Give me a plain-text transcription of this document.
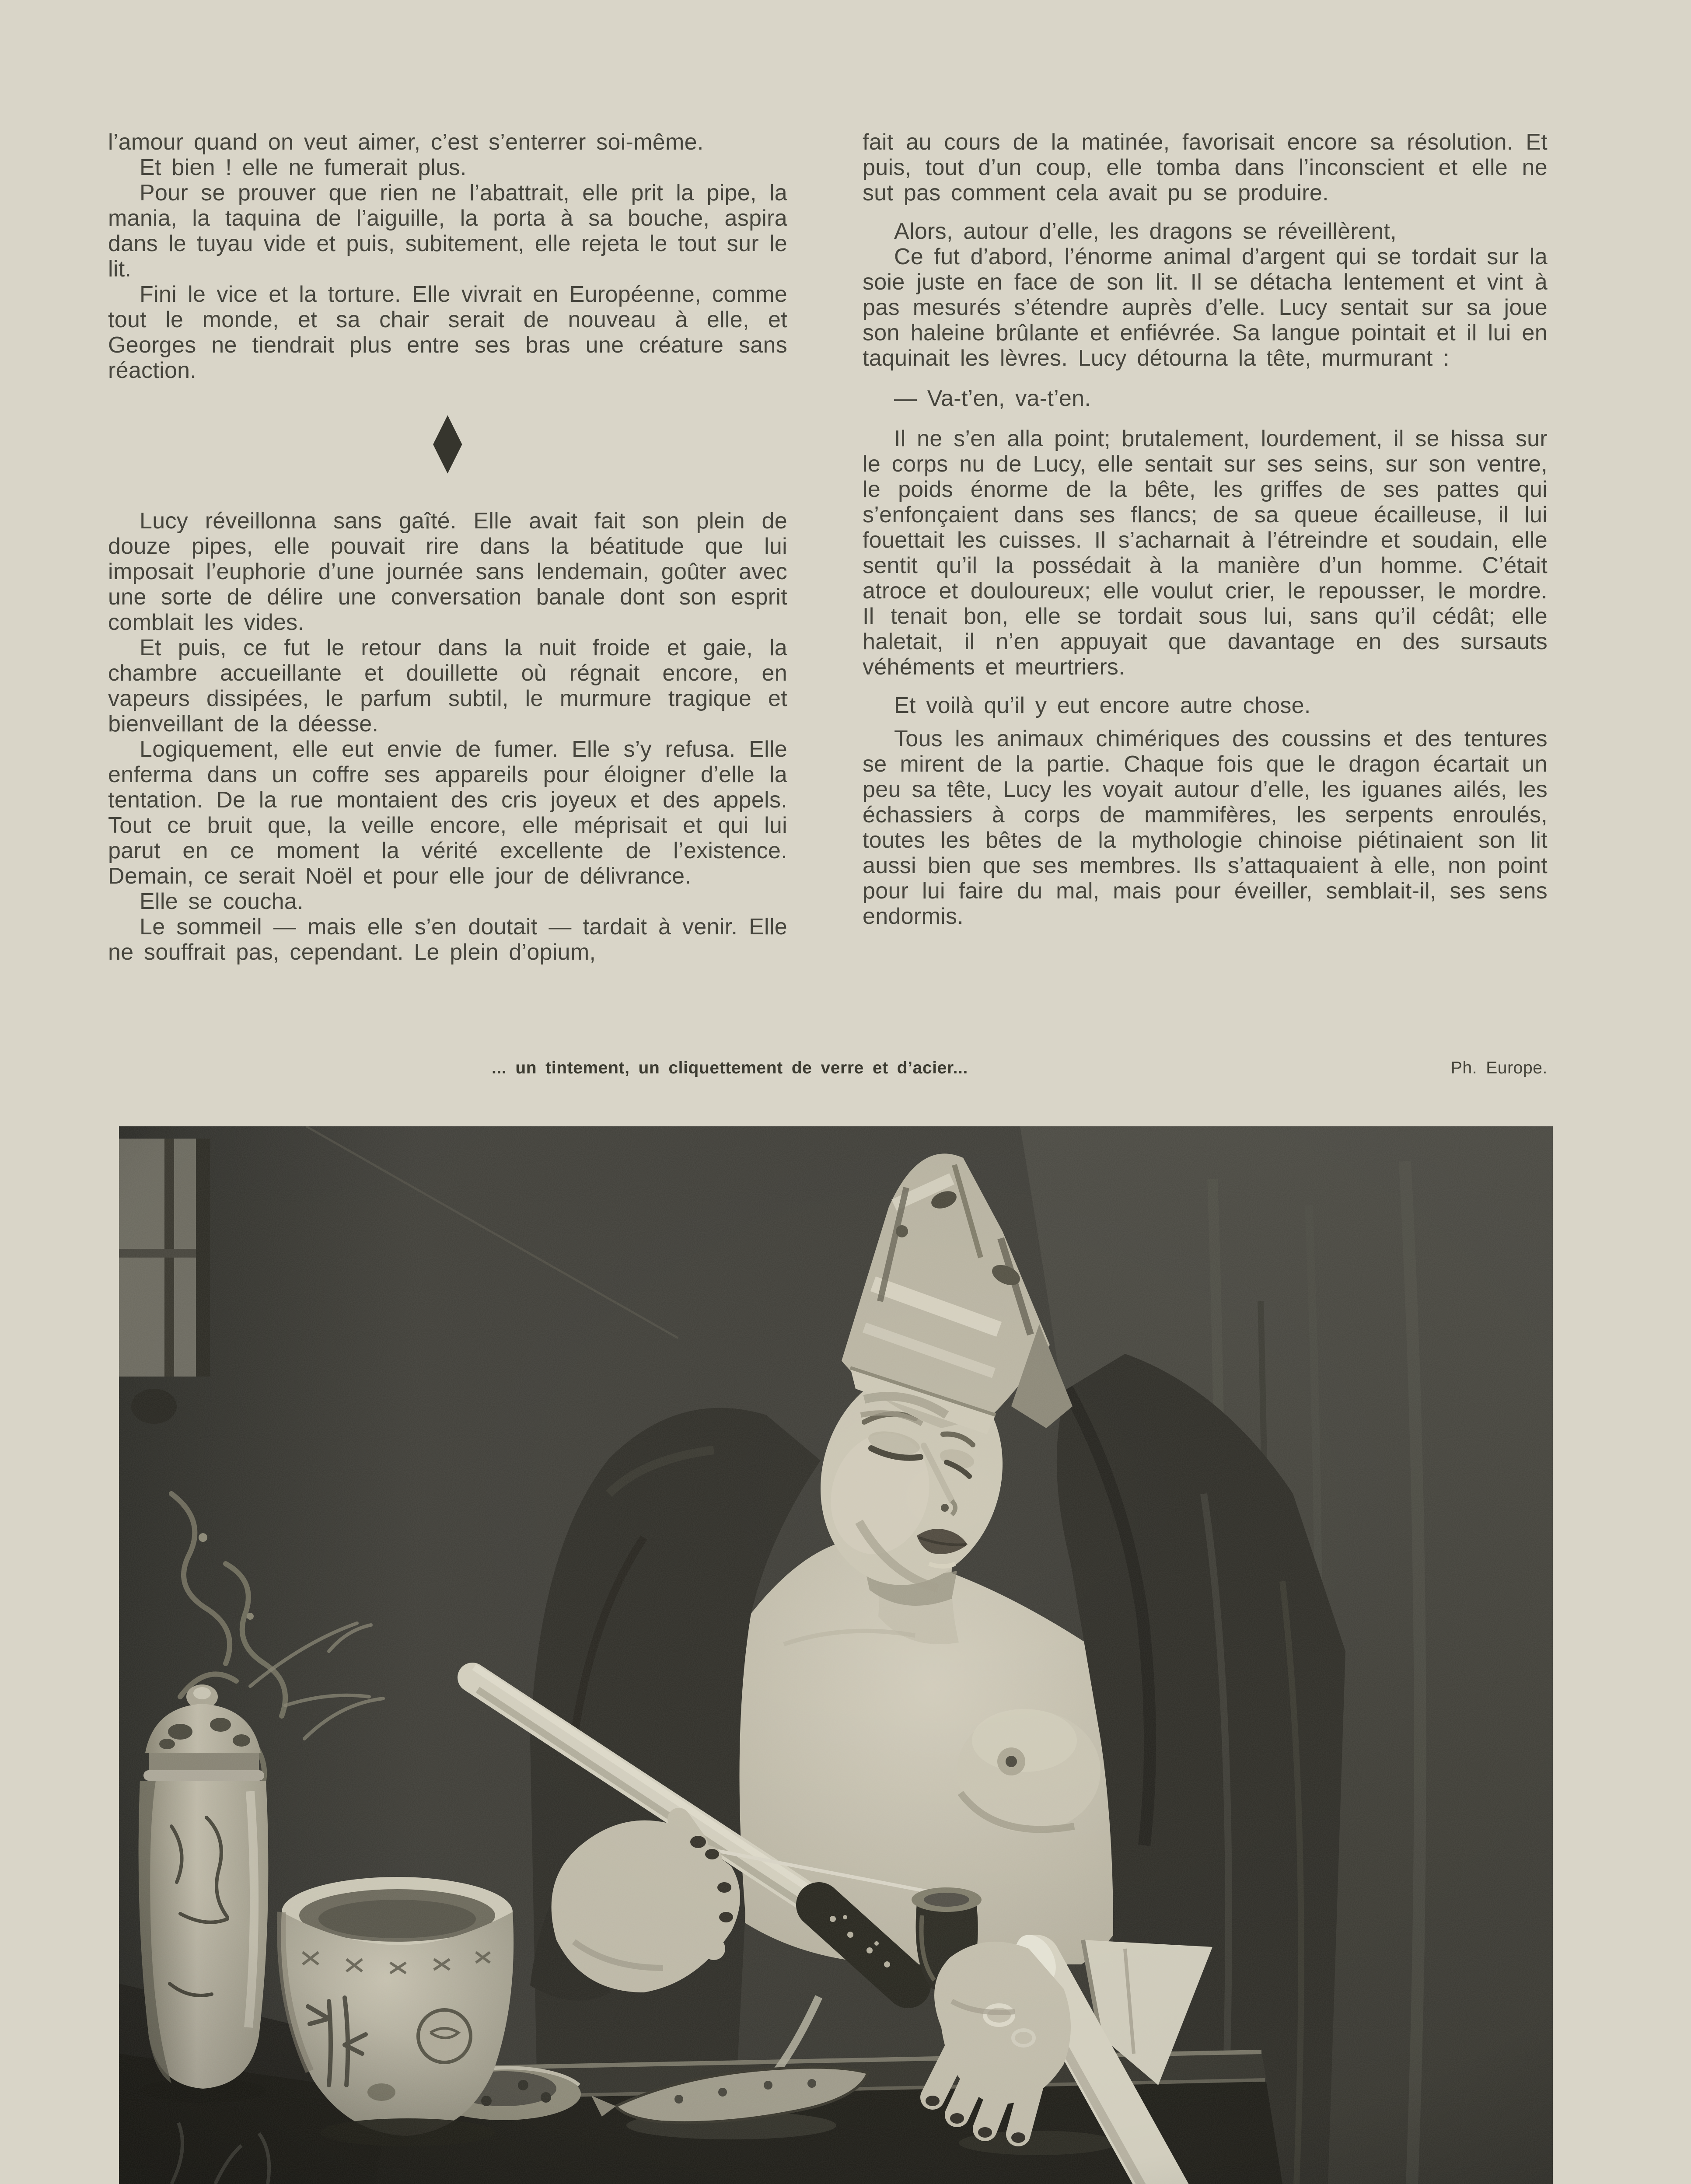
l’amour quand on veut aimer, c’est s’enterrer soi-même.

Et bien ! elle ne fumerait plus.

Pour se prouver que rien ne l’abattrait, elle prit la pipe, la mania, la taquina de l’aiguille, la porta à sa bouche, aspira dans le tuyau vide et puis, subitement, elle rejeta le tout sur le lit.

Fini le vice et la torture. Elle vivrait en Européenne, comme tout le monde, et sa chair serait de nouveau à elle, et Georges ne tiendrait plus entre ses bras une créature sans réaction.

♦

Lucy réveillonna sans gaîté. Elle avait fait son plein de douze pipes, elle pouvait rire dans la béatitude que lui imposait l’euphorie d’une journée sans lendemain, goûter avec une sorte de délire une conversation banale dont son esprit comblait les vides.

Et puis, ce fut le retour dans la nuit froide et gaie, la chambre accueillante et douillette où régnait encore, en vapeurs dissipées, le parfum subtil, le murmure tragique et bienveillant de la déesse.

Logiquement, elle eut envie de fumer. Elle s’y refusa. Elle enferma dans un coffre ses appareils pour éloigner d’elle la tentation. De la rue montaient des cris joyeux et des appels. Tout ce bruit que, la veille encore, elle méprisait et qui lui parut en ce moment la vérité excellente de l’existence. Demain, ce serait Noël et pour elle jour de délivrance.

Elle se coucha.

Le sommeil — mais elle s’en doutait — tardait à venir. Elle ne souffrait pas, cependant. Le plein d’opium,

fait au cours de la matinée, favorisait encore sa résolution. Et puis, tout d’un coup, elle tomba dans l’inconscient et elle ne sut pas comment cela avait pu se produire.

Alors, autour d’elle, les dragons se réveillèrent,

Ce fut d’abord, l’énorme animal d’argent qui se tordait sur la soie juste en face de son lit. Il se détacha lentement et vint à pas mesurés s’étendre auprès d’elle. Lucy sentait sur sa joue son haleine brûlante et enfiévrée. Sa langue pointait et il lui en taquinait les lèvres. Lucy détourna la tête, murmurant :

— Va-t’en, va-t’en.

Il ne s’en alla point; brutalement, lourdement, il se hissa sur le corps nu de Lucy, elle sentait sur ses seins, sur son ventre, le poids énorme de la bête, les griffes de ses pattes qui s’enfonçaient dans ses flancs; de sa queue écailleuse, il lui fouettait les cuisses. Il s’acharnait à l’étreindre et soudain, elle sentit qu’il la possédait à la manière d’un homme. C’était atroce et douloureux; elle voulut crier, le repousser, le mordre. Il tenait bon, elle se tordait sous lui, sans qu’il cédât; elle haletait, il n’en appuyait que davantage en des sursauts véhéments et meurtriers.

Et voilà qu’il y eut encore autre chose.

Tous les animaux chimériques des coussins et des tentures se mirent de la partie. Chaque fois que le dragon écartait un peu sa tête, Lucy les voyait autour d’elle, les iguanes ailés, les échassiers à corps de mammifères, les serpents enroulés, toutes les bêtes de la mythologie chinoise piétinaient son lit aussi bien que ses membres. Ils s’attaquaient à elle, non point pour lui faire du mal, mais pour éveiller, semblait-il, ses sens endormis.

... un tintement, un cliquettement de verre et d’acier...	Ph. Europe.
